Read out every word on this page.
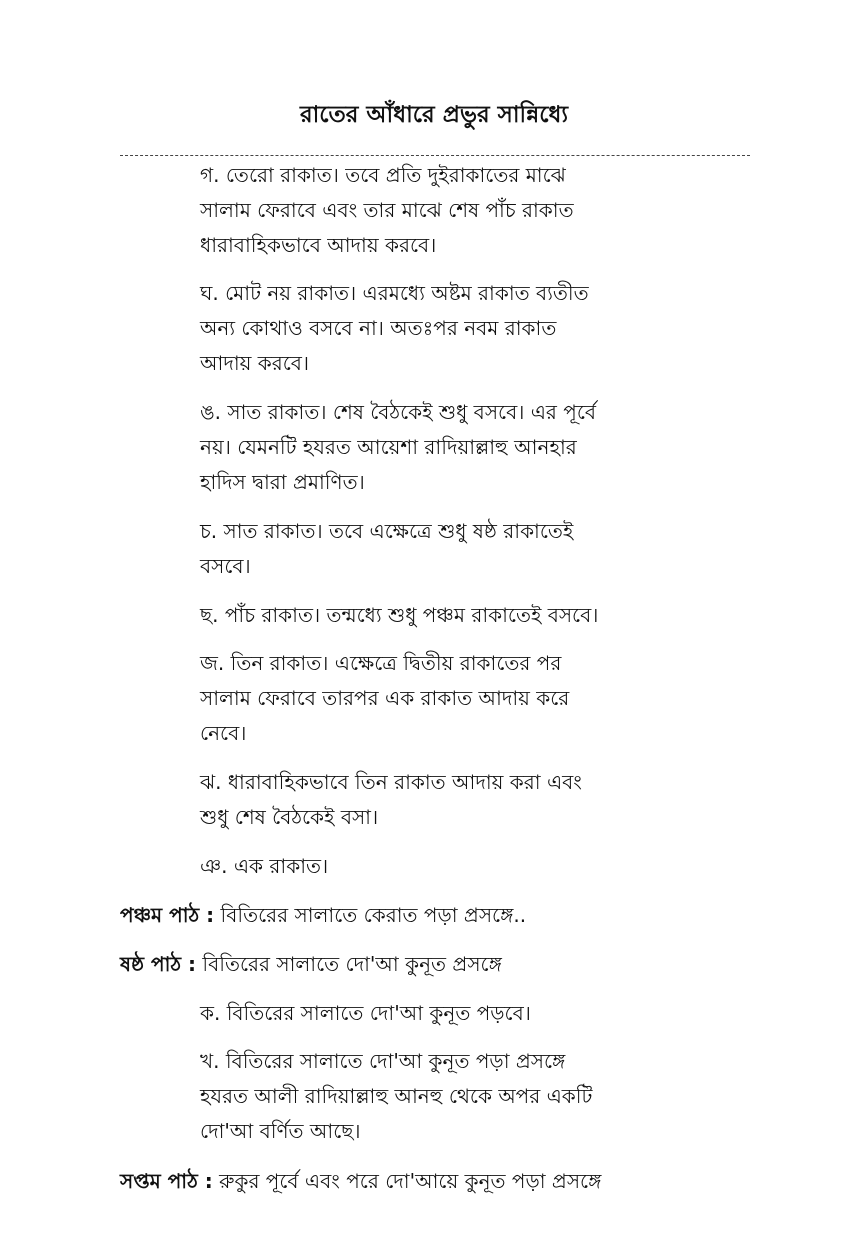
রাতের আঁধারে প্রভুর সান্নিধ্যে
গ. তেরো রাকাত। তবে প্রতি দুইরাকাতের মাঝে
সালাম ফেরাবে এবং তার মাঝে শেষ পাঁচ রাকাত
ধারাবাহিকভাবে আদায় করবে।
ঘ. মোট নয় রাকাত। এরমধ্যে অষ্টম রাকাত ব্যতীত
অন্য কোথাও বসবে না। অতঃপর নবম রাকাত
আদায় করবে।
ঙ. সাত রাকাত। শেষ বৈঠকেই শুধু বসবে। এর পূর্বে
নয়। যেমনটি হযরত আয়েশা রাদিয়াল্লাহু আনহার
হাদিস দ্বারা প্রমাণিত।
চ. সাত রাকাত। তবে এক্ষেত্রে শুধু ষষ্ঠ রাকাতেই
বসবে।
ছ. পাঁচ রাকাত। তন্মধ্যে শুধু পঞ্চম রাকাতেই বসবে।
জ. তিন রাকাত। এক্ষেত্রে দ্বিতীয় রাকাতের পর
সালাম ফেরাবে তারপর এক রাকাত আদায় করে
নেবে।
ঝ. ধারাবাহিকভাবে তিন রাকাত আদায় করা এবং
শুধু শেষ বৈঠকেই বসা।
ঞ. এক রাকাত।
পঞ্চম পাঠ : বিতিরের সালাতে কেরাত পড়া প্রসঙ্গে..
ষষ্ঠ পাঠ : বিতিরের সালাতে দো'আ কুনূত প্রসঙ্গে
ক. বিতিরের সালাতে দো'আ কুনূত পড়বে।
খ. বিতিরের সালাতে দো'আ কুনূত পড়া প্রসঙ্গে
হযরত আলী রাদিয়াল্লাহু আনহু থেকে অপর একটি
দো'আ বর্ণিত আছে।
সপ্তম পাঠ : রুকুর পূর্বে এবং পরে দো'আয়ে কুনূত পড়া প্রসঙ্গে
